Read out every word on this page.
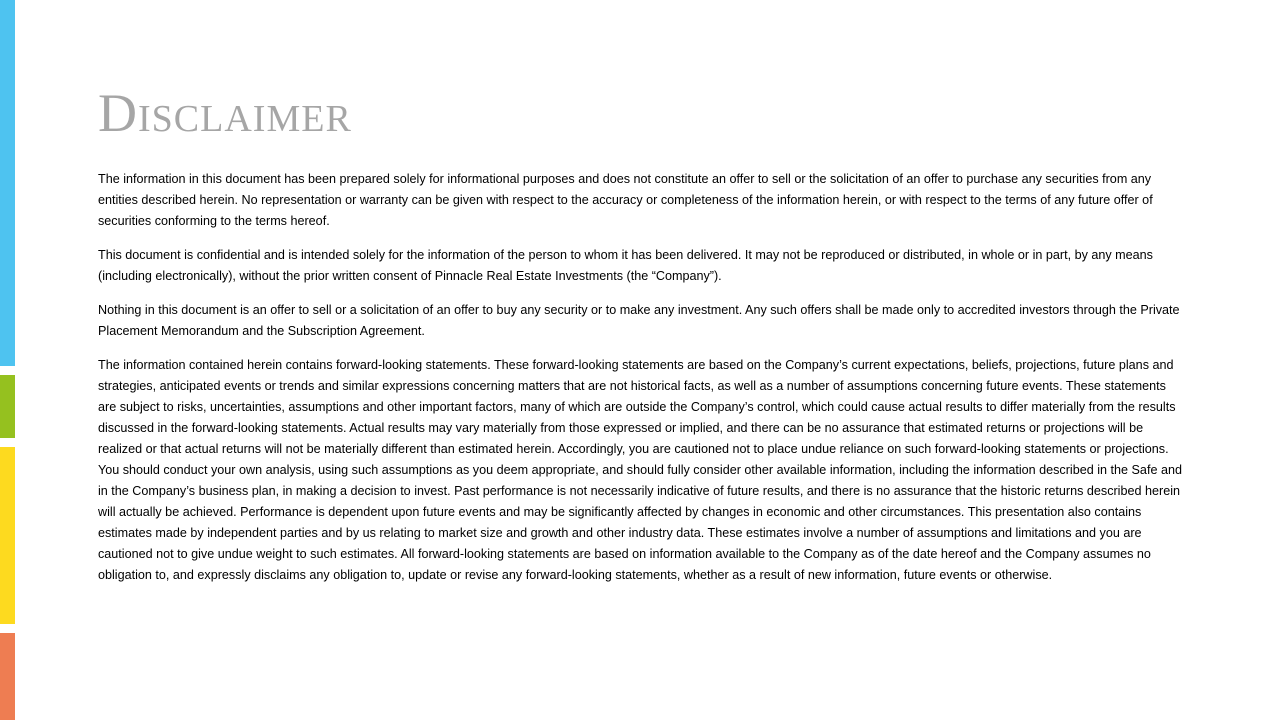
Disclaimer

The information in this document has been prepared solely for informational purposes and does not constitute an offer to sell or the solicitation of an offer to purchase any securities from any entities described herein. No representation or warranty can be given with respect to the accuracy or completeness of the information herein, or with respect to the terms of any future offer of securities conforming to the terms hereof.

This document is confidential and is intended solely for the information of the person to whom it has been delivered. It may not be reproduced or distributed, in whole or in part, by any means (including electronically), without the prior written consent of Pinnacle Real Estate Investments (the “Company”).

Nothing in this document is an offer to sell or a solicitation of an offer to buy any security or to make any investment. Any such offers shall be made only to accredited investors through the Private Placement Memorandum and the Subscription Agreement.

The information contained herein contains forward-looking statements. These forward-looking statements are based on the Company’s current expectations, beliefs, projections, future plans and strategies, anticipated events or trends and similar expressions concerning matters that are not historical facts, as well as a number of assumptions concerning future events. These statements are subject to risks, uncertainties, assumptions and other important factors, many of which are outside the Company’s control, which could cause actual results to differ materially from the results discussed in the forward-looking statements. Actual results may vary materially from those expressed or implied, and there can be no assurance that estimated returns or projections will be realized or that actual returns will not be materially different than estimated herein. Accordingly, you are cautioned not to place undue reliance on such forward-looking statements or projections. You should conduct your own analysis, using such assumptions as you deem appropriate, and should fully consider other available information, including the information described in the Safe and in the Company’s business plan, in making a decision to invest. Past performance is not necessarily indicative of future results, and there is no assurance that the historic returns described herein will actually be achieved. Performance is dependent upon future events and may be significantly affected by changes in economic and other circumstances. This presentation also contains estimates made by independent parties and by us relating to market size and growth and other industry data. These estimates involve a number of assumptions and limitations and you are cautioned not to give undue weight to such estimates. All forward-looking statements are based on information available to the Company as of the date hereof and the Company assumes no obligation to, and expressly disclaims any obligation to, update or revise any forward-looking statements, whether as a result of new information, future events or otherwise.
